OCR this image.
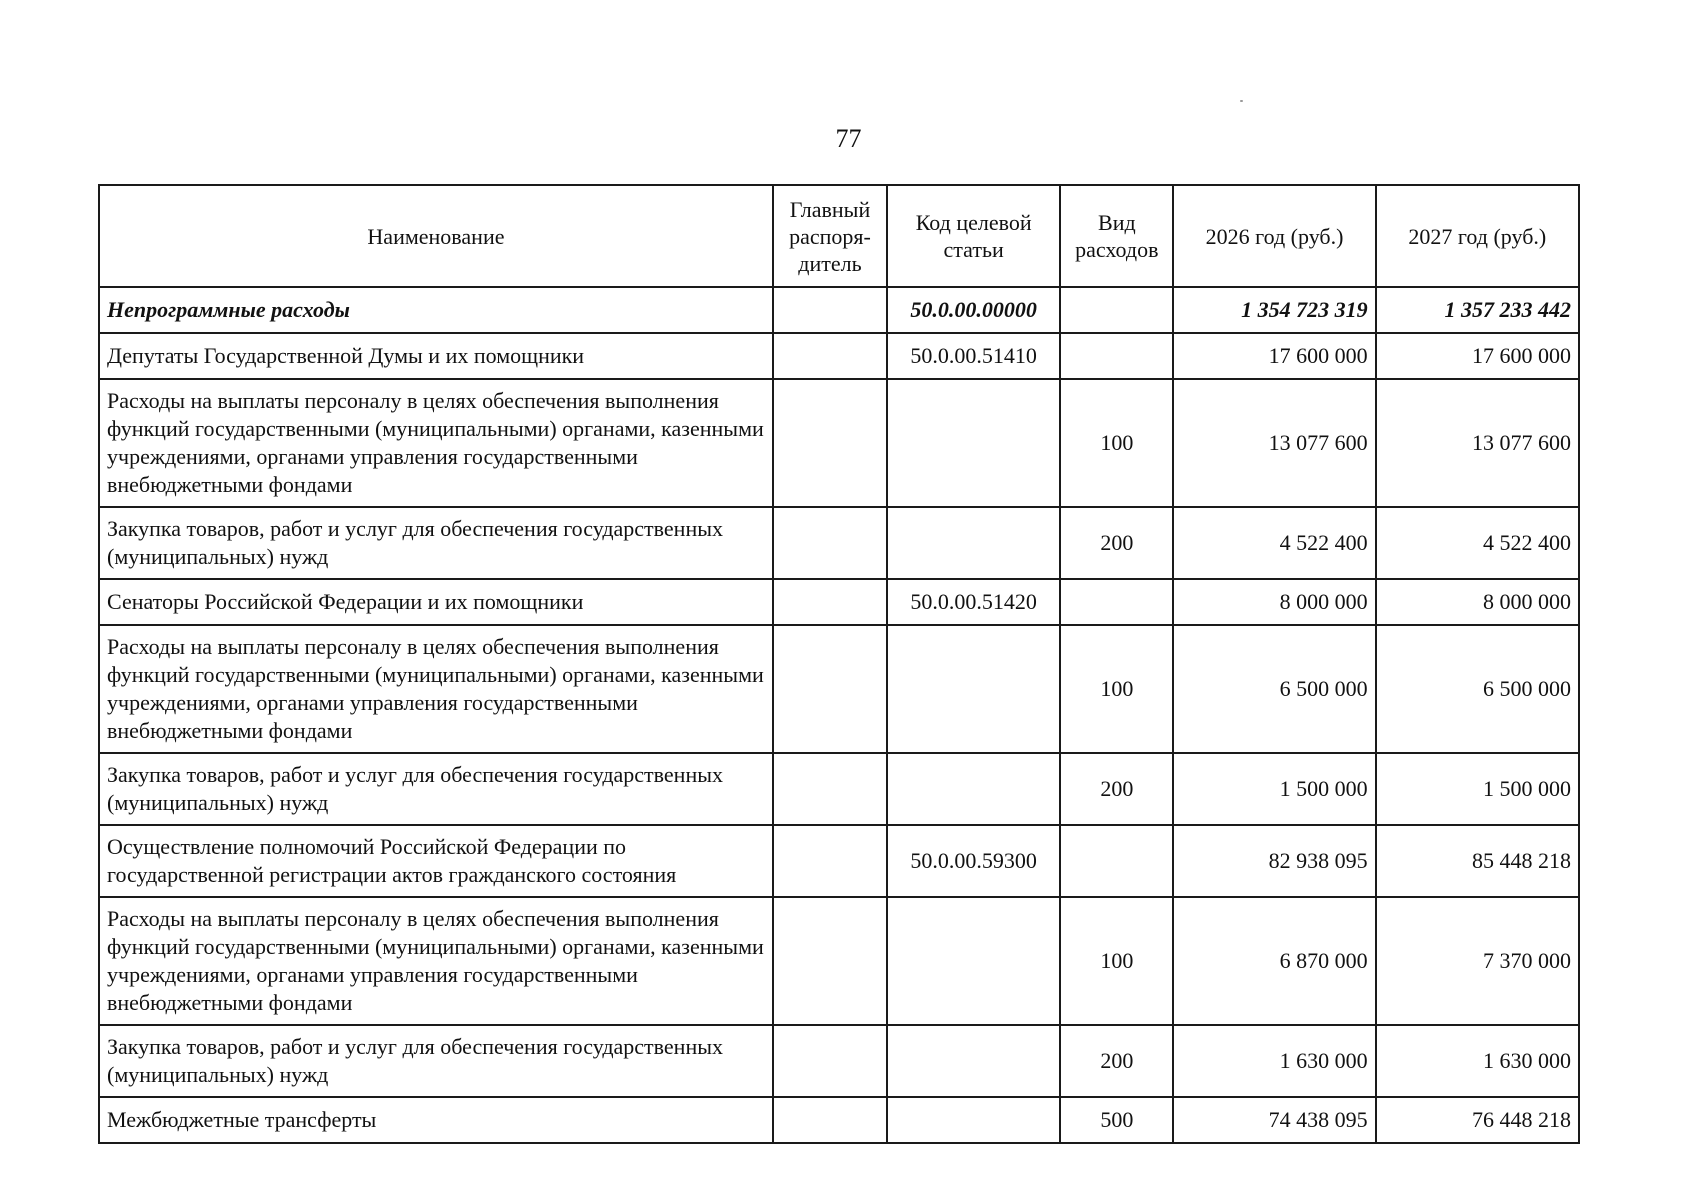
77
Наименование	Главный распоря-дитель	Код целевой статьи	Вид расходов	2026 год (руб.)	2027 год (руб.)
Непрограммные расходы		50.0.00.00000		1 354 723 319	1 357 233 442
Депутаты Государственной Думы и их помощники		50.0.00.51410		17 600 000	17 600 000
Расходы на выплаты персоналу в целях обеспечения выполнения функций государственными (муниципальными) органами, казенными учреждениями, органами управления государственными внебюджетными фондами			100	13 077 600	13 077 600
Закупка товаров, работ и услуг для обеспечения государственных (муниципальных) нужд			200	4 522 400	4 522 400
Сенаторы Российской Федерации и их помощники		50.0.00.51420		8 000 000	8 000 000
Расходы на выплаты персоналу в целях обеспечения выполнения функций государственными (муниципальными) органами, казенными учреждениями, органами управления государственными внебюджетными фондами			100	6 500 000	6 500 000
Закупка товаров, работ и услуг для обеспечения государственных (муниципальных) нужд			200	1 500 000	1 500 000
Осуществление полномочий Российской Федерации по государственной регистрации актов гражданского состояния		50.0.00.59300		82 938 095	85 448 218
Расходы на выплаты персоналу в целях обеспечения выполнения функций государственными (муниципальными) органами, казенными учреждениями, органами управления государственными внебюджетными фондами			100	6 870 000	7 370 000
Закупка товаров, работ и услуг для обеспечения государственных (муниципальных) нужд			200	1 630 000	1 630 000
Межбюджетные трансферты			500	74 438 095	76 448 218
